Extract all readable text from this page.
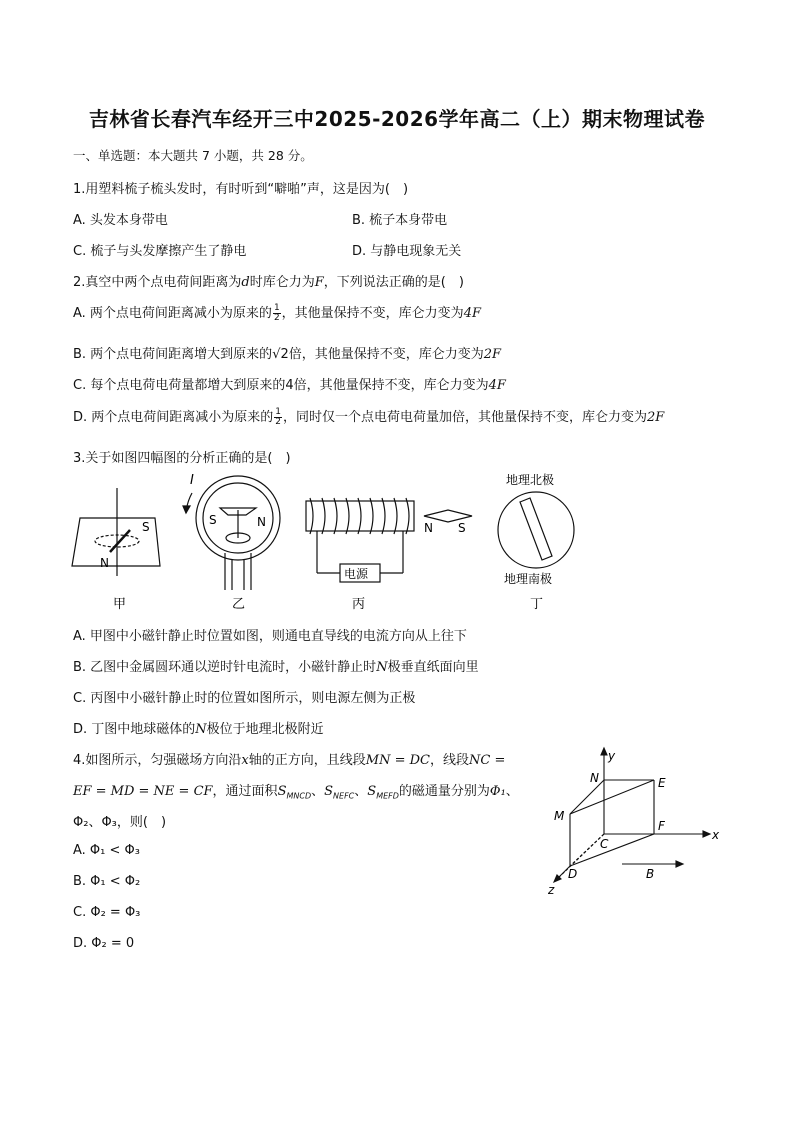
吉林省长春汽车经开三中2025-2026学年高二（上）期末物理试卷
一、单选题：本大题共 7 小题，共 28 分。
1.用塑料梳子梳头发时，有时听到“噼啪”声，这是因为(　)
A. 头发本身带电	B. 梳子本身带电
C. 梳子与头发摩擦产生了静电	D. 与静电现象无关
2.真空中两个点电荷间距离为d时库仑力为F，下列说法正确的是(　)
A. 两个点电荷间距离减小为原来的 $\frac{1}{2}$ ，其他量保持不变，库仑力变为4F
B. 两个点电荷间距离增大到原来的√2倍，其他量保持不变，库仑力变为2F
C. 每个点电荷电荷量都增大到原来的4倍，其他量保持不变，库仑力变为4F
D. 两个点电荷间距离减小为原来的 $\frac{1}{2}$ ，同时仅一个点电荷电荷量加倍，其他量保持不变，库仑力变为2F
3.关于如图四幅图的分析正确的是(　)
S
N
甲
I
S	N
乙
电源
N S
丙
地理北极
地理南极
丁
A. 甲图中小磁针静止时位置如图，则通电直导线的电流方向从上往下
B. 乙图中金属圆环通以逆时针电流时，小磁针静止时N极垂直纸面向里
C. 丙图中小磁针静止时的位置如图所示，则电源左侧为正极
D. 丁图中地球磁体的N极位于地理北极附近
4.如图所示，匀强磁场方向沿x轴的正方向，且线段MN = DC，线段NC =
EF = MD = NE = CF，通过面积$S_{MNCD}$、$S_{NEFC}$、$S_{MEFD}$的磁通量分别为Φ₁、
Φ₂、Φ₃，则(　)
A. Φ₁ < Φ₃
B. Φ₁ < Φ₂
C. Φ₂ = Φ₃
D. Φ₂ = 0
y
x
z
N	E
M
F
C
D	B
